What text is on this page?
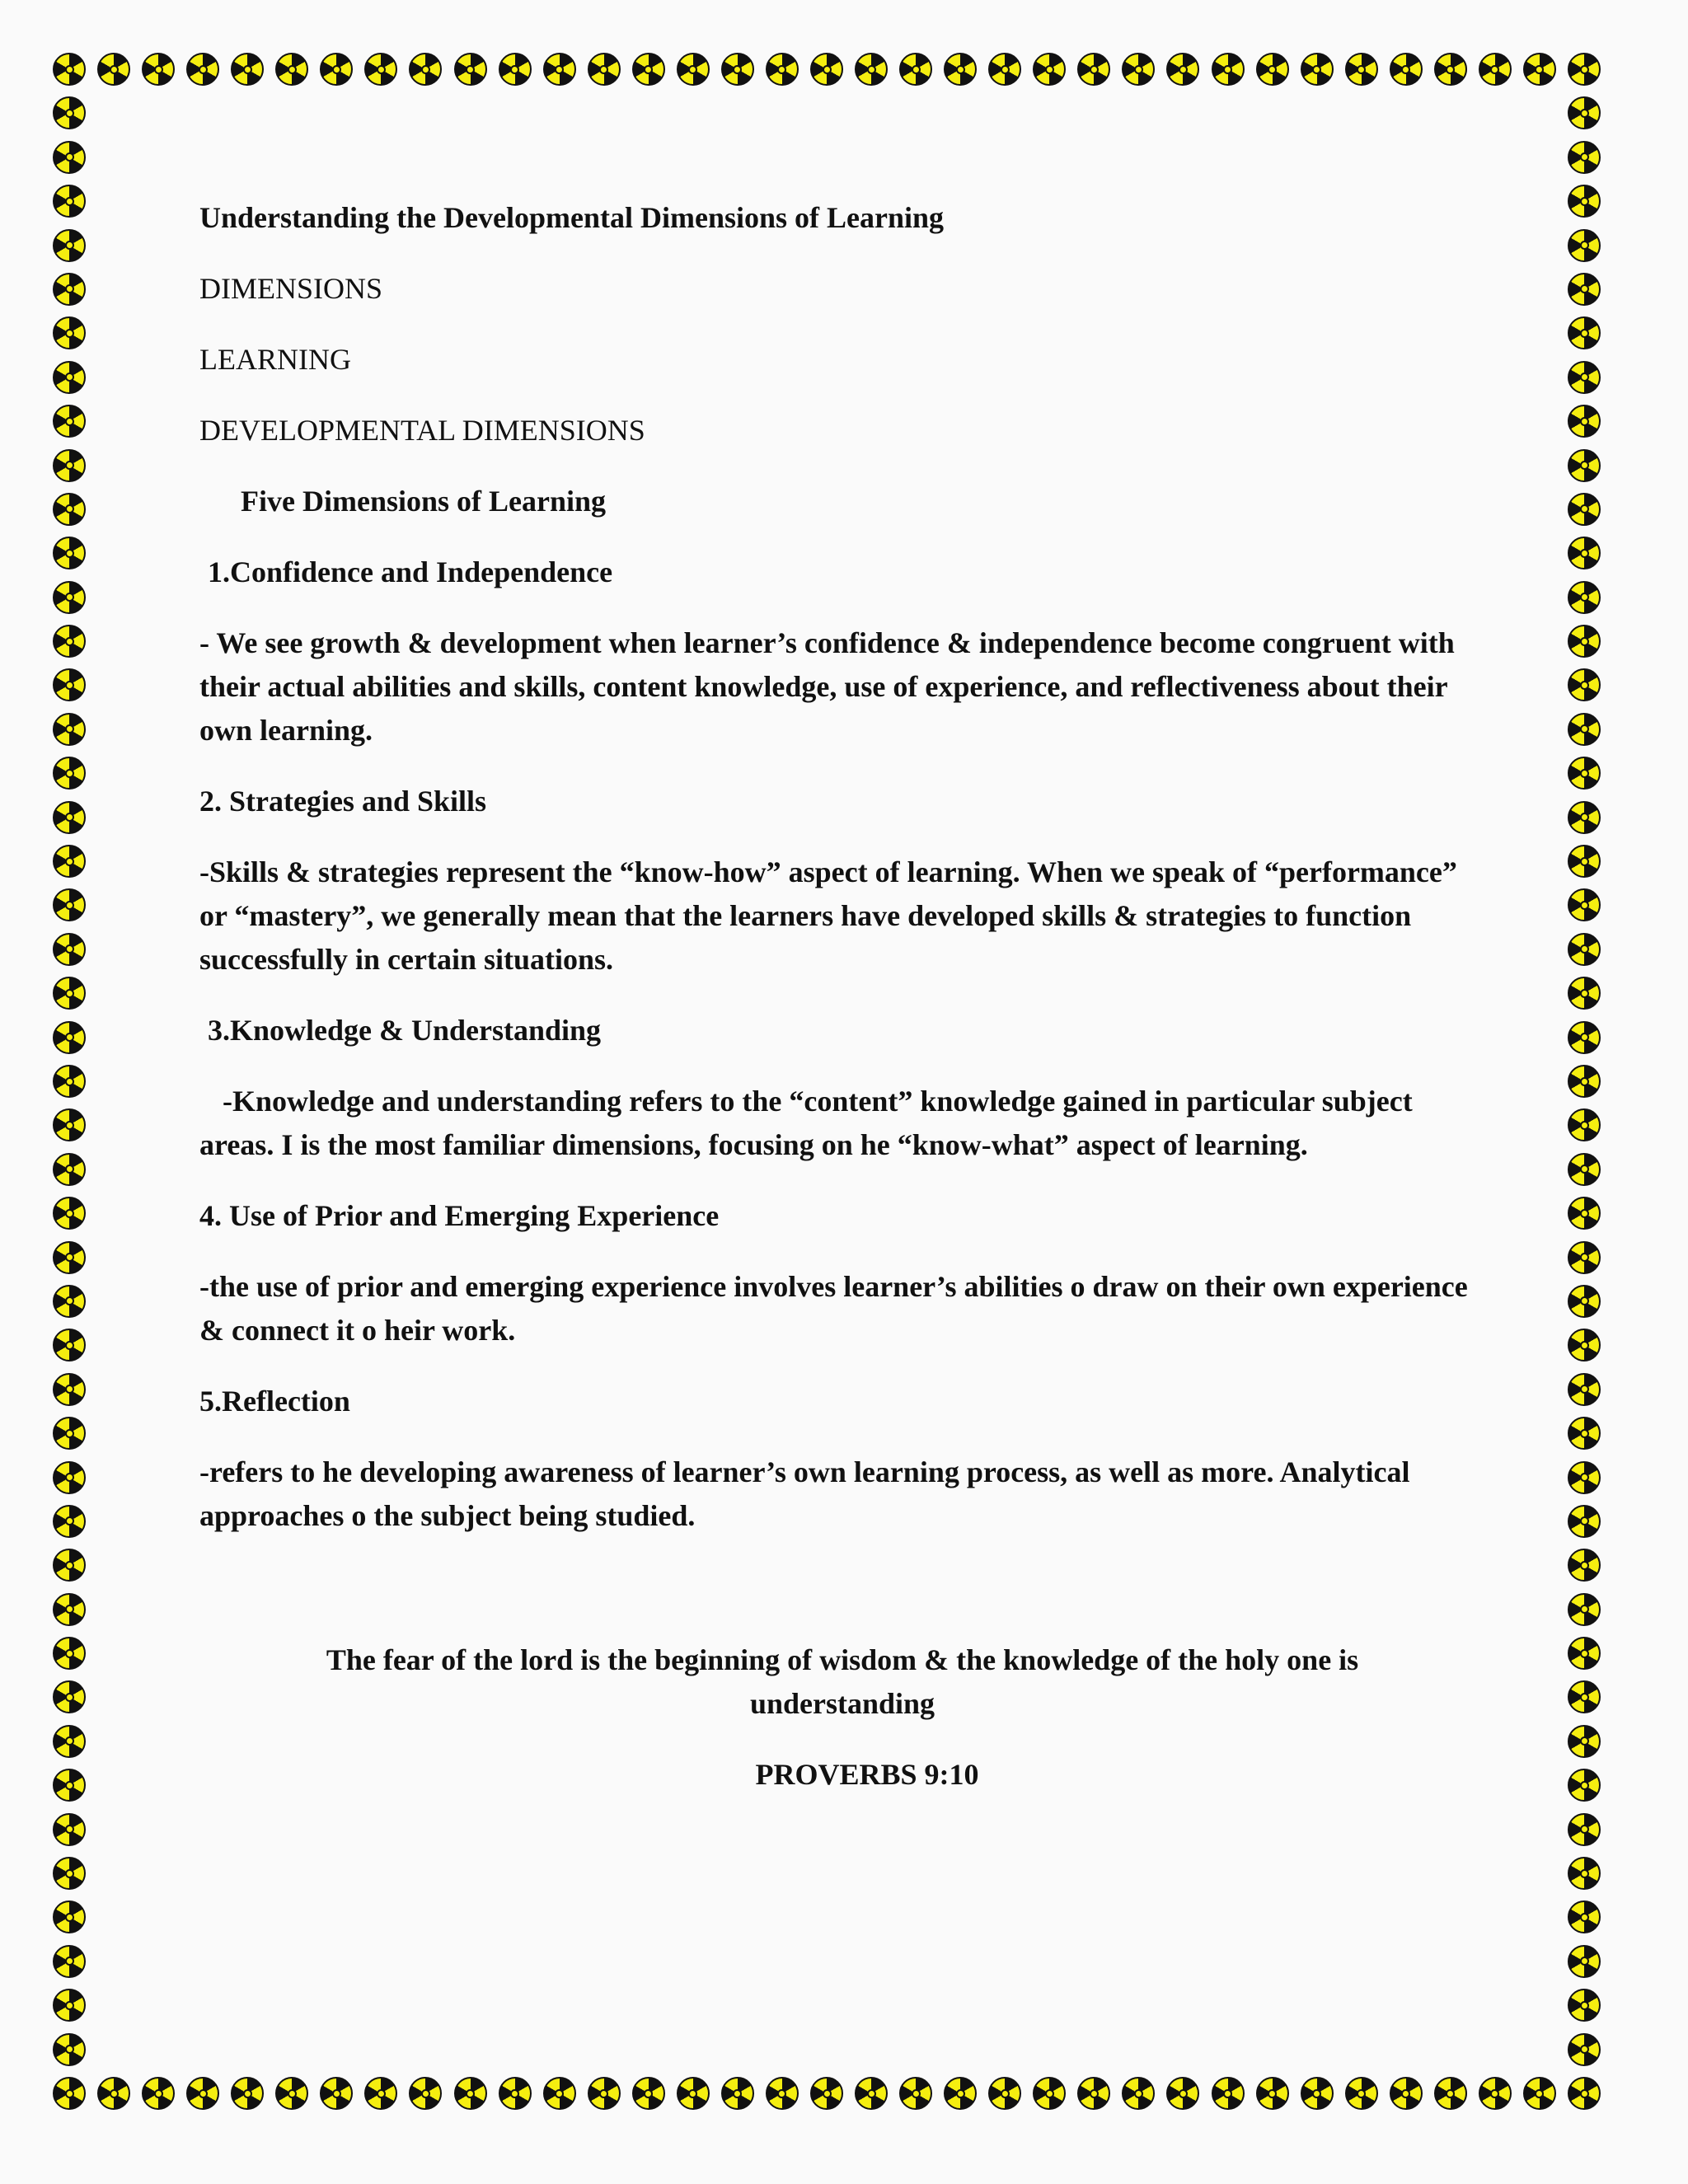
Understanding the Developmental Dimensions of Learning

DIMENSIONS

LEARNING

DEVELOPMENTAL DIMENSIONS

Five Dimensions of Learning

1.Confidence and Independence

- We see growth & development when learner’s confidence & independence become congruent with their actual abilities and skills, content knowledge, use of experience, and reflectiveness about their own learning.

2. Strategies and Skills

-Skills & strategies represent the “know-how” aspect of learning. When we speak of “performance” or “mastery”, we generally mean that the learners have developed skills & strategies to function successfully in certain situations.

3.Knowledge & Understanding

-Knowledge and understanding refers to the “content” knowledge gained in particular subject areas. I is the most familiar dimensions, focusing on he “know-what” aspect of learning.

4. Use of Prior and Emerging Experience

-the use of prior and emerging experience involves learner’s abilities o draw on their own experience & connect it o heir work.

5.Reflection

-refers to he developing awareness of learner’s own learning process, as well as more. Analytical approaches o the subject being studied.

The fear of the lord is the beginning of wisdom & the knowledge of the holy one is understanding

PROVERBS 9:10
